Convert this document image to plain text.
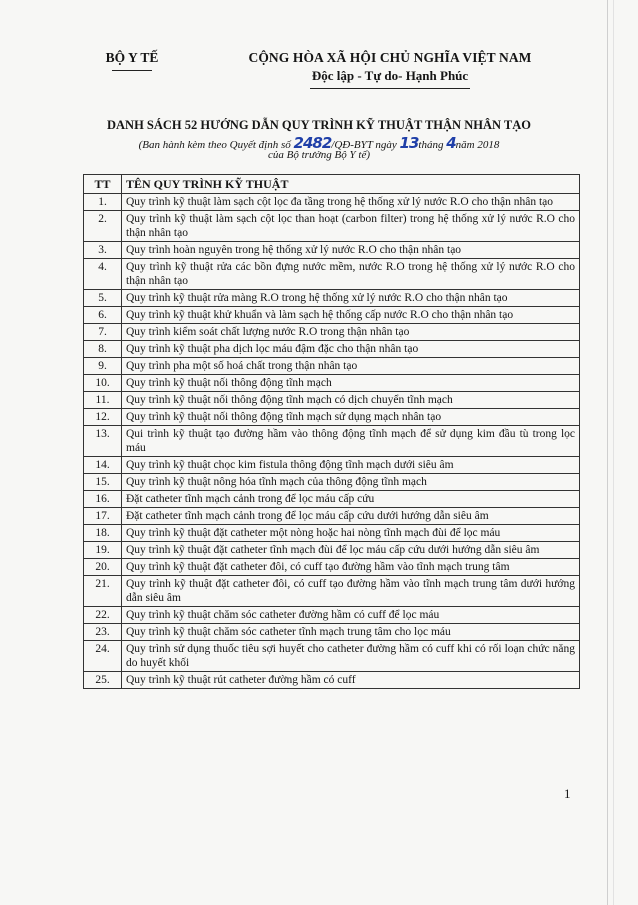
BỘ Y TẾ	CỘNG HÒA XÃ HỘI CHỦ NGHĨA VIỆT NAM
Độc lập - Tự do- Hạnh Phúc
DANH SÁCH 52 HƯỚNG DẪN QUY TRÌNH KỸ THUẬT THẬN NHÂN TẠO
(Ban hành kèm theo Quyết định số 2482/QĐ-BYT ngày 13tháng 4năm 2018
của Bộ trưởng Bộ Y tế)
TT	TÊN QUY TRÌNH KỸ THUẬT
1.	Quy trình kỹ thuật làm sạch cột lọc đa tầng trong hệ thống xử lý nước R.O cho thận nhân tạo
2.	Quy trình kỹ thuật làm sạch cột lọc than hoạt (carbon filter) trong hệ thống xử lý nước R.O cho thận nhân tạo
3.	Quy trình hoàn nguyên trong hệ thống xử lý nước R.O cho thận nhân tạo
4.	Quy trình kỹ thuật rửa các bồn đựng nước mềm, nước R.O trong hệ thống xử lý nước R.O cho thận nhân tạo
5.	Quy trình kỹ thuật rửa màng R.O trong hệ thống xử lý nước R.O cho thận nhân tạo
6.	Quy trình kỹ thuật khử khuẩn và làm sạch hệ thống cấp nước R.O cho thận nhân tạo
7.	Quy trình kiểm soát chất lượng nước R.O trong thận nhân tạo
8.	Quy trình kỹ thuật pha dịch lọc máu đậm đặc cho thận nhân tạo
9.	Quy trình pha một số hoá chất trong thận nhân tạo
10.	Quy trình kỹ thuật nối thông động tĩnh mạch
11.	Quy trình kỹ thuật nối thông động tĩnh mạch có dịch chuyển tĩnh mạch
12.	Quy trình kỹ thuật nối thông động tĩnh mạch sử dụng mạch nhân tạo
13.	Qui trình kỹ thuật tạo đường hầm vào thông động tĩnh mạch để sử dụng kim đầu tù trong lọc máu
14.	Quy trình kỹ thuật chọc kim fistula thông động tĩnh mạch dưới siêu âm
15.	Quy trình kỹ thuật nông hóa tĩnh mạch của thông động tĩnh mạch
16.	Đặt catheter tĩnh mạch cảnh trong để lọc máu cấp cứu
17.	Đặt catheter tĩnh mạch cảnh trong để lọc máu cấp cứu dưới hướng dẫn siêu âm
18.	Quy trình kỹ thuật đặt catheter một nòng hoặc hai nòng tĩnh mạch đùi để lọc máu
19.	Quy trình kỹ thuật đặt catheter tĩnh mạch đùi để lọc máu cấp cứu dưới hướng dẫn siêu âm
20.	Quy trình kỹ thuật đặt catheter đôi, có cuff tạo đường hầm vào tĩnh mạch trung tâm
21.	Quy trình kỹ thuật đặt catheter đôi, có cuff tạo đường hầm vào tĩnh mạch trung tâm dưới hướng dẫn siêu âm
22.	Quy trình kỹ thuật chăm sóc catheter đường hầm có cuff để lọc máu
23.	Quy trình kỹ thuật chăm sóc catheter tĩnh mạch trung tâm cho lọc máu
24.	Quy trình sử dụng thuốc tiêu sợi huyết cho catheter đường hầm có cuff khi có rối loạn chức năng do huyết khối
25.	Quy trình kỹ thuật rút catheter đường hầm có cuff
1
